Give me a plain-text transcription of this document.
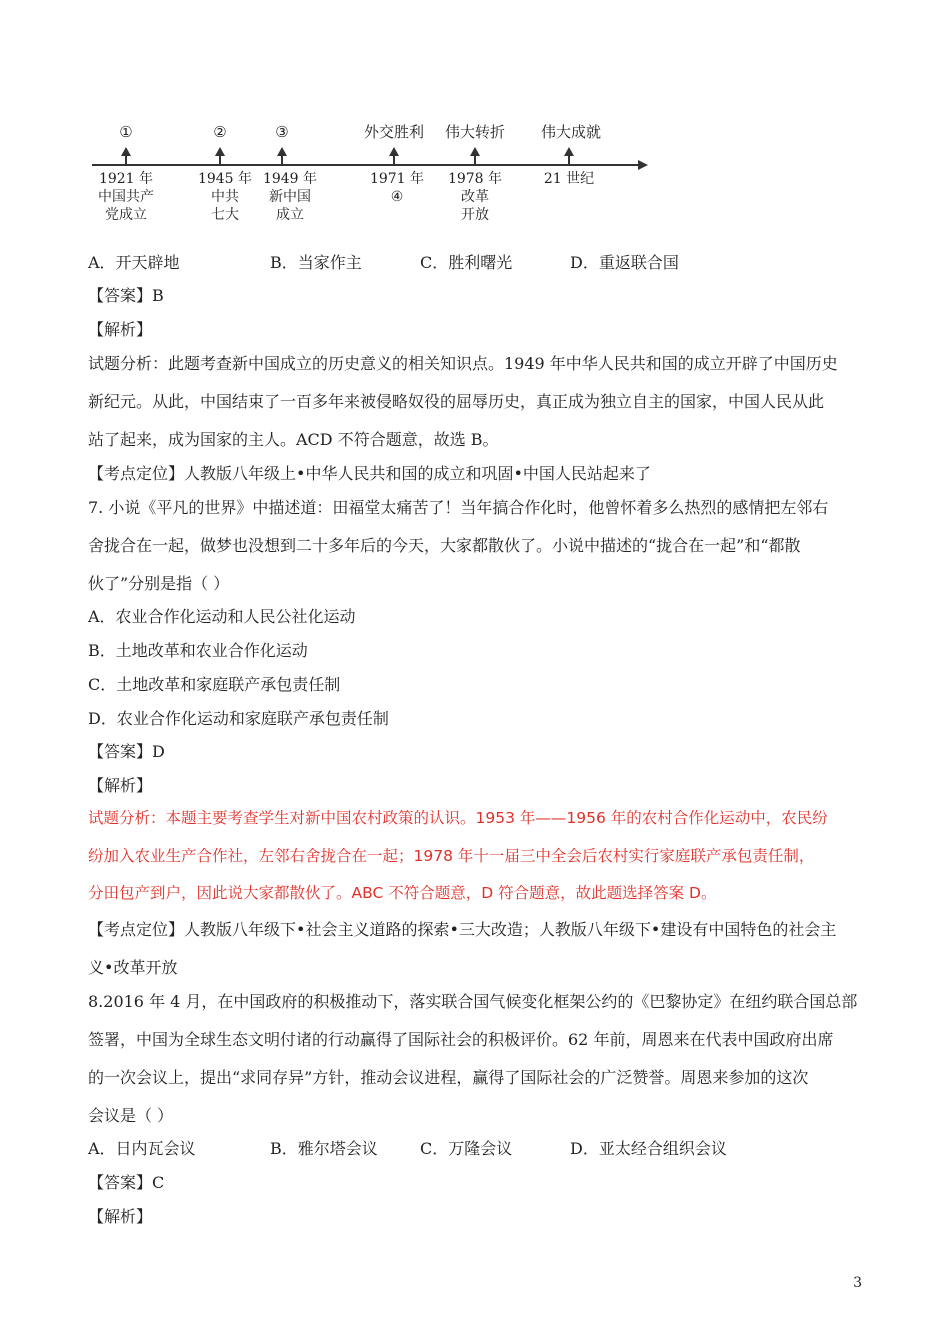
①
1921 年
中国共产
党成立
②
1945 年
中共
七大
③
1949 年
新中国
成立
外交胜利
1971 年
④
伟大转折
1978 年
改革
开放
伟大成就
21 世纪
A．开天辟地	B．当家作主	C．胜利曙光	D．重返联合国
【答案】B
【解析】
试题分析：此题考查新中国成立的历史意义的相关知识点。1949 年中华人民共和国的成立开辟了中国历史
新纪元。从此，中国结束了一百多年来被侵略奴役的屈辱历史，真正成为独立自主的国家，中国人民从此
站了起来，成为国家的主人。ACD 不符合题意，故选 B。
【考点定位】人教版八年级上•中华人民共和国的成立和巩固•中国人民站起来了
7. 小说《平凡的世界》中描述道：田福堂太痛苦了！当年搞合作化时，他曾怀着多么热烈的感情把左邻右
舍拢合在一起，做梦也没想到二十多年后的今天，大家都散伙了。小说中描述的“拢合在一起”和“都散
伙了”分别是指（ ）
A．农业合作化运动和人民公社化运动
B．土地改革和农业合作化运动
C．土地改革和家庭联产承包责任制
D．农业合作化运动和家庭联产承包责任制
【答案】D
【解析】
试题分析：本题主要考查学生对新中国农村政策的认识。1953 年——1956 年的农村合作化运动中，农民纷
纷加入农业生产合作社，左邻右舍拢合在一起；1978 年十一届三中全会后农村实行家庭联产承包责任制，
分田包产到户，因此说大家都散伙了。ABC 不符合题意，D 符合题意，故此题选择答案 D。
【考点定位】人教版八年级下•社会主义道路的探索•三大改造；人教版八年级下•建设有中国特色的社会主
义•改革开放
8.2016 年 4 月，在中国政府的积极推动下，落实联合国气候变化框架公约的《巴黎协定》在纽约联合国总部
签署，中国为全球生态文明付诸的行动赢得了国际社会的积极评价。62 年前，周恩来在代表中国政府出席
的一次会议上，提出“求同存异”方针，推动会议进程，赢得了国际社会的广泛赞誉。周恩来参加的这次
会议是（ ）
A．日内瓦会议	B．雅尔塔会议	C．万隆会议	D．亚太经合组织会议
【答案】C
【解析】
3
